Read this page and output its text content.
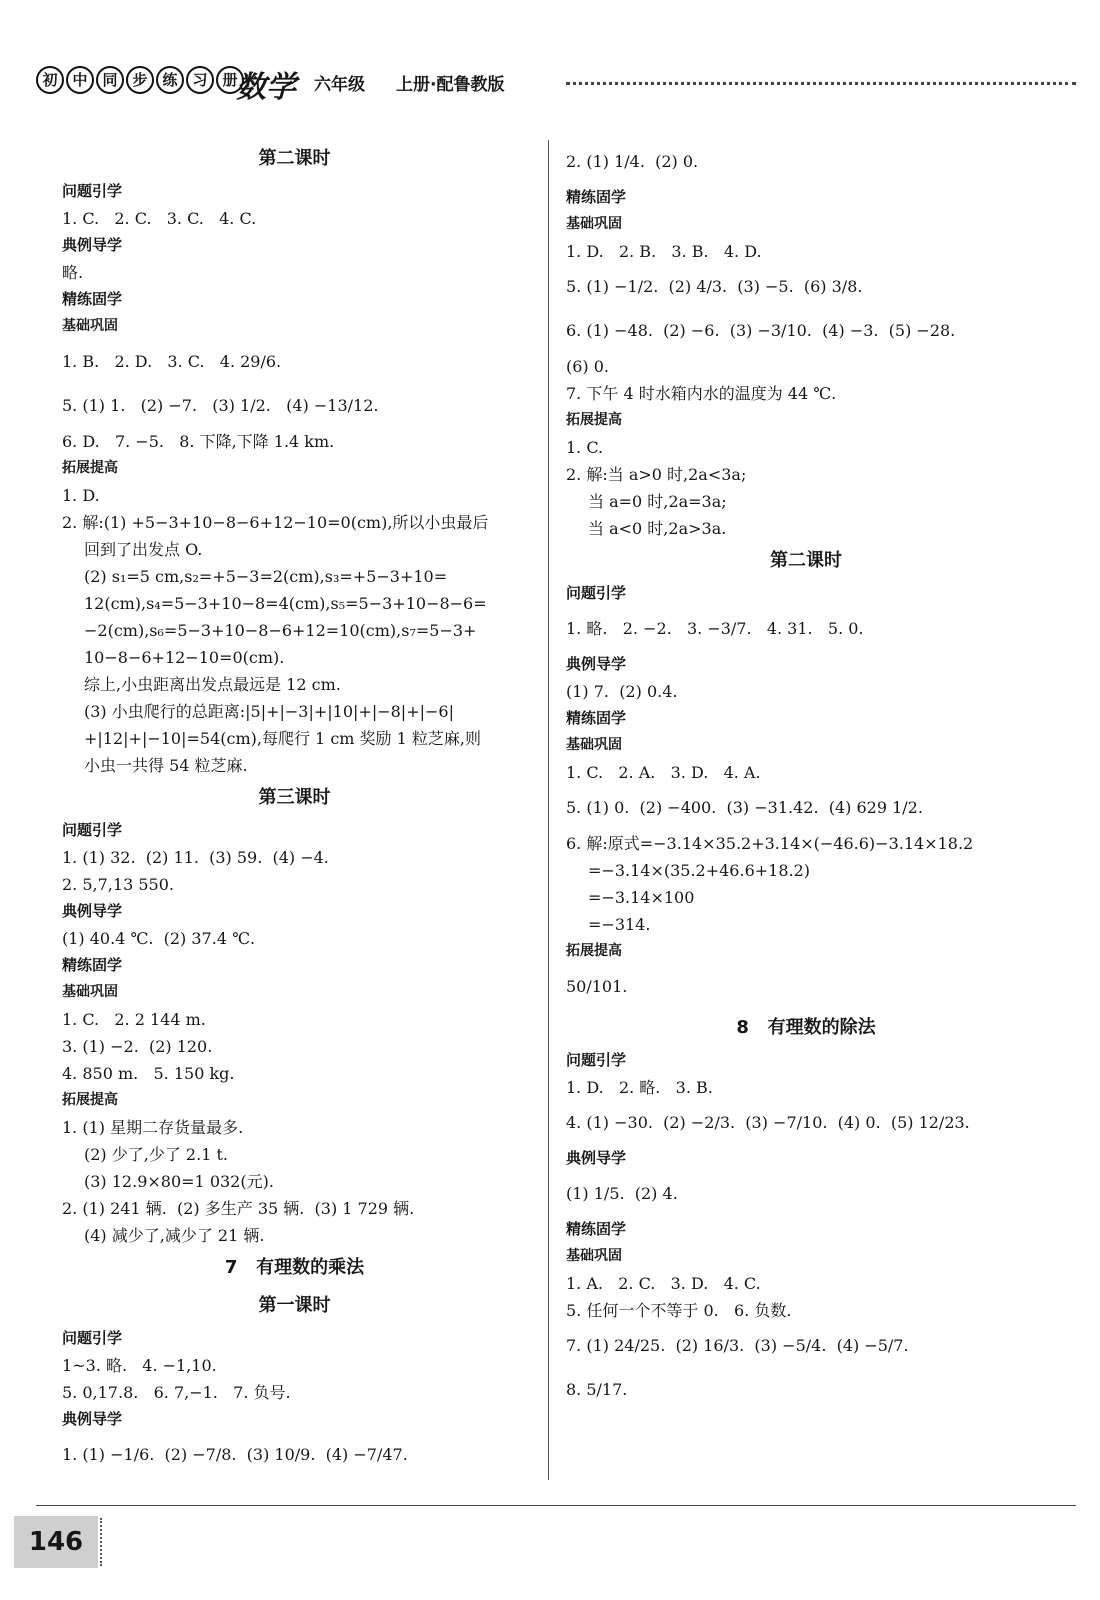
初 中 同 步 练 习 册
数学 六年级 上册·配鲁教版

第二课时

问题引学

1. C.   2. C.   3. C.   4. C.

典例导学

略.

精练固学

基础巩固

1. B.   2. D.   3. C.   4. 29/6.

5. (1) 1.   (2) −7.   (3) 1/2.   (4) −13/12.

6. D.   7. −5.   8. 下降,下降 1.4 km.

拓展提高

1. D.

2. 解:(1) +5−3+10−8−6+12−10=0(cm),所以小虫最后

回到了出发点 O.

(2) s₁=5 cm,s₂=+5−3=2(cm),s₃=+5−3+10=

12(cm),s₄=5−3+10−8=4(cm),s₅=5−3+10−8−6=

−2(cm),s₆=5−3+10−8−6+12=10(cm),s₇=5−3+

10−8−6+12−10=0(cm).

综上,小虫距离出发点最远是 12 cm.

(3) 小虫爬行的总距离:|5|+|−3|+|10|+|−8|+|−6|

+|12|+|−10|=54(cm),每爬行 1 cm 奖励 1 粒芝麻,则

小虫一共得 54 粒芝麻.

第三课时

问题引学

1. (1) 32.  (2) 11.  (3) 59.  (4) −4.

2. 5,7,13 550.

典例导学

(1) 40.4 ℃.  (2) 37.4 ℃.

精练固学

基础巩固

1. C.   2. 2 144 m.

3. (1) −2.  (2) 120.

4. 850 m.   5. 150 kg.

拓展提高

1. (1) 星期二存货量最多.

(2) 少了,少了 2.1 t.

(3) 12.9×80=1 032(元).

2. (1) 241 辆.  (2) 多生产 35 辆.  (3) 1 729 辆.

(4) 减少了,减少了 21 辆.

7   有理数的乘法

第一课时

问题引学

1~3. 略.   4. −1,10.

5. 0,17.8.   6. 7,−1.   7. 负号.

典例导学

1. (1) −1/6.  (2) −7/8.  (3) 10/9.  (4) −7/47.

2. (1) 1/4.  (2) 0.

精练固学

基础巩固

1. D.   2. B.   3. B.   4. D.

5. (1) −1/2.  (2) 4/3.  (3) −5.  (6) 3/8.

6. (1) −48.  (2) −6.  (3) −3/10.  (4) −3.  (5) −28.

(6) 0.

7. 下午 4 时水箱内水的温度为 44 ℃.

拓展提高

1. C.

2. 解:当 a>0 时,2a<3a;

当 a=0 时,2a=3a;

当 a<0 时,2a>3a.

第二课时

问题引学

1. 略.   2. −2.   3. −3/7.   4. 31.   5. 0.

典例导学

(1) 7.  (2) 0.4.

精练固学

基础巩固

1. C.   2. A.   3. D.   4. A.

5. (1) 0.  (2) −400.  (3) −31.42.  (4) 629 1/2.

6. 解:原式=−3.14×35.2+3.14×(−46.6)−3.14×18.2

=−3.14×(35.2+46.6+18.2)

=−3.14×100

=−314.

拓展提高

50/101.

8   有理数的除法

问题引学

1. D.   2. 略.   3. B.

4. (1) −30.  (2) −2/3.  (3) −7/10.  (4) 0.  (5) 12/23.

典例导学

(1) 1/5.  (2) 4.

精练固学

基础巩固

1. A.   2. C.   3. D.   4. C.

5. 任何一个不等于 0.   6. 负数.

7. (1) 24/25.  (2) 16/3.  (3) −5/4.  (4) −5/7.

8. 5/17.

146
